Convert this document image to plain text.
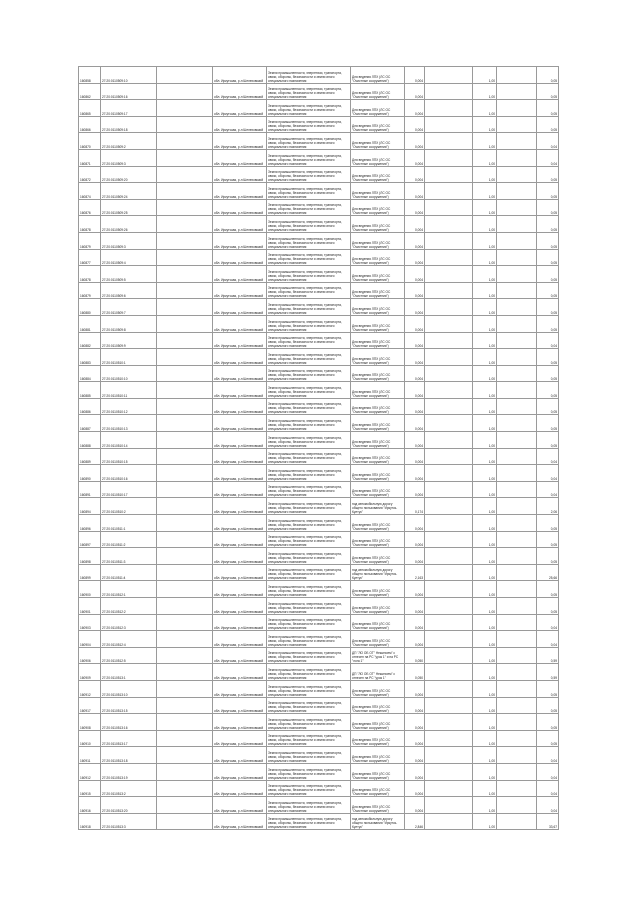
160858	27:20:0110509:10		обл. Иркутская, р-н Шелеховский	Земли промышленности, энергетики, транспорта, связи, обороны, безопасности и земли иного специального назначения	Для ведения ЛПХ (ЛС ОС "Очистные сооружения")	0,004		1,00		0,05
160862	27:20:0110509:16		обл. Иркутская, р-н Шелеховский	Земли промышленности, энергетики, транспорта, связи, обороны, безопасности и земли иного специального назначения	Для ведения ЛПХ (ЛС ОС "Очистные сооружения")	0,004		1,00		0,05
160865	27:20:0110509:17		обл. Иркутская, р-н Шелеховский	Земли промышленности, энергетики, транспорта, связи, обороны, безопасности и земли иного специального назначения	Для ведения ЛПХ (ЛС ОС "Очистные сооружения")	0,004		1,00		0,05
160866	27:20:0110509:18		обл. Иркутская, р-н Шелеховский	Земли промышленности, энергетики, транспорта, связи, обороны, безопасности и земли иного специального назначения	Для ведения ЛПХ (ЛС ОС "Очистные сооружения")	0,004		1,00		0,05
160870	27:20:0110509:2		обл. Иркутская, р-н Шелеховский	Земли промышленности, энергетики, транспорта, связи, обороны, безопасности и земли иного специального назначения	Для ведения ЛПХ (ЛС ОС "Очистные сооружения")	0,004		1,00		0,04
160871	27:20:0110509:3		обл. Иркутская, р-н Шелеховский	Земли промышленности, энергетики, транспорта, связи, обороны, безопасности и земли иного специального назначения	Для ведения ЛПХ (ЛС ОС "Очистные сооружения")	0,004		1,00		0,04
160872	27:20:0110509:20		обл. Иркутская, р-н Шелеховский	Земли промышленности, энергетики, транспорта, связи, обороны, безопасности и земли иного специального назначения	Для ведения ЛПХ (ЛС ОС "Очистные сооружения")	0,004		1,00		0,05
160874	27:20:0110509:24		обл. Иркутская, р-н Шелеховский	Земли промышленности, энергетики, транспорта, связи, обороны, безопасности и земли иного специального назначения	Для ведения ЛПХ (ЛС ОС "Очистные сооружения")	0,004		1,00		0,05
160876	27:20:0110509:25		обл. Иркутская, р-н Шелеховский	Земли промышленности, энергетики, транспорта, связи, обороны, безопасности и земли иного специального назначения	Для ведения ЛПХ (ЛС ОС "Очистные сооружения")	0,004		1,00		0,05
160878	27:20:0110509:26		обл. Иркутская, р-н Шелеховский	Земли промышленности, энергетики, транспорта, связи, обороны, безопасности и земли иного специального назначения	Для ведения ЛПХ (ЛС ОС "Очистные сооружения")	0,004		1,00		0,05
160879	27:20:0110509:3		обл. Иркутская, р-н Шелеховский	Земли промышленности, энергетики, транспорта, связи, обороны, безопасности и земли иного специального назначения	Для ведения ЛПХ (ЛС ОС "Очистные сооружения")	0,004		1,00		0,05
160877	27:20:0110509:4		обл. Иркутская, р-н Шелеховский	Земли промышленности, энергетики, транспорта, связи, обороны, безопасности и земли иного специального назначения	Для ведения ЛПХ (ЛС ОС "Очистные сооружения")	0,004		1,00		0,05
160878	27:20:0110509:5		обл. Иркутская, р-н Шелеховский	Земли промышленности, энергетики, транспорта, связи, обороны, безопасности и земли иного специального назначения	Для ведения ЛПХ (ЛС ОС "Очистные сооружения")	0,004		1,00		0,05
160879	27:20:0110509:6		обл. Иркутская, р-н Шелеховский	Земли промышленности, энергетики, транспорта, связи, обороны, безопасности и земли иного специального назначения	Для ведения ЛПХ (ЛС ОС "Очистные сооружения")	0,004		1,00		0,05
160880	27:20:0110509:7		обл. Иркутская, р-н Шелеховский	Земли промышленности, энергетики, транспорта, связи, обороны, безопасности и земли иного специального назначения	Для ведения ЛПХ (ЛС ОС "Очистные сооружения")	0,004		1,00		0,05
160881	27:20:0110509:8		обл. Иркутская, р-н Шелеховский	Земли промышленности, энергетики, транспорта, связи, обороны, безопасности и земли иного специального назначения	Для ведения ЛПХ (ЛС ОС "Очистные сооружения")	0,004		1,00		0,05
160882	27:20:0110509:9		обл. Иркутская, р-н Шелеховский	Земли промышленности, энергетики, транспорта, связи, обороны, безопасности и земли иного специального назначения	Для ведения ЛПХ (ЛС ОС "Очистные сооружения")	0,004		1,00		0,04
160883	27:20:0110510:1		обл. Иркутская, р-н Шелеховский	Земли промышленности, энергетики, транспорта, связи, обороны, безопасности и земли иного специального назначения	Для ведения ЛПХ (ЛС ОС "Очистные сооружения")	0,004		1,00		0,05
160884	27:20:0110510:10		обл. Иркутская, р-н Шелеховский	Земли промышленности, энергетики, транспорта, связи, обороны, безопасности и земли иного специального назначения	Для ведения ЛПХ (ЛС ОС "Очистные сооружения")	0,004		1,00		0,05
160885	27:20:0110510:11		обл. Иркутская, р-н Шелеховский	Земли промышленности, энергетики, транспорта, связи, обороны, безопасности и земли иного специального назначения	Для ведения ЛПХ (ЛС ОС "Очистные сооружения")	0,004		1,00		0,05
160886	27:20:0110510:12		обл. Иркутская, р-н Шелеховский	Земли промышленности, энергетики, транспорта, связи, обороны, безопасности и земли иного специального назначения	Для ведения ЛПХ (ЛС ОС "Очистные сооружения")	0,004		1,00		0,05
160887	27:20:0110510:13		обл. Иркутская, р-н Шелеховский	Земли промышленности, энергетики, транспорта, связи, обороны, безопасности и земли иного специального назначения	Для ведения ЛПХ (ЛС ОС "Очистные сооружения")	0,004		1,00		0,05
160888	27:20:0110510:14		обл. Иркутская, р-н Шелеховский	Земли промышленности, энергетики, транспорта, связи, обороны, безопасности и земли иного специального назначения	Для ведения ЛПХ (ЛС ОС "Очистные сооружения")	0,004		1,00		0,05
160889	27:20:0110510:15		обл. Иркутская, р-н Шелеховский	Земли промышленности, энергетики, транспорта, связи, обороны, безопасности и земли иного специального назначения	Для ведения ЛПХ (ЛС ОС "Очистные сооружения")	0,004		1,00		0,04
160890	27:20:0110510:16		обл. Иркутская, р-н Шелеховский	Земли промышленности, энергетики, транспорта, связи, обороны, безопасности и земли иного специального назначения	Для ведения ЛПХ (ЛС ОС "Очистные сооружения")	0,004		1,00		0,04
160891	27:20:0110510:17		обл. Иркутская, р-н Шелеховский	Земли промышленности, энергетики, транспорта, связи, обороны, безопасности и земли иного специального назначения	Для ведения ЛПХ (ЛС ОС "Очистные сооружения")	0,004		1,00		0,04
160894	27:20:0110510:2		обл. Иркутская, р-н Шелеховский	Земли промышленности, энергетики, транспорта, связи, обороны, безопасности и земли иного специального назначения	под автомобильную дорогу общего пользования "Иркутск-Култук"	0,174		1,00		2,06
160896	27:20:0110511:1		обл. Иркутская, р-н Шелеховский	Земли промышленности, энергетики, транспорта, связи, обороны, безопасности и земли иного специального назначения	Для ведения ЛПХ (ЛС ОС "Очистные сооружения")	0,004		1,00		0,05
160897	27:20:0110511:2		обл. Иркутская, р-н Шелеховский	Земли промышленности, энергетики, транспорта, связи, обороны, безопасности и земли иного специального назначения	Для ведения ЛПХ (ЛС ОС "Очистные сооружения")	0,004		1,00		0,05
160898	27:20:0110511:3		обл. Иркутская, р-н Шелеховский	Земли промышленности, энергетики, транспорта, связи, обороны, безопасности и земли иного специального назначения	Для ведения ЛПХ (ЛС ОС "Очистные сооружения")	0,004		1,00		0,05
160899	27:20:0110511:4		обл. Иркутская, р-н Шелеховский	Земли промышленности, энергетики, транспорта, связи, обороны, безопасности и земли иного специального назначения	под автомобильную дорогу общего пользования "Иркутск-Култук"	2,163		1,00		25,66
160900	27:20:0110512:1		обл. Иркутская, р-н Шелеховский	Земли промышленности, энергетики, транспорта, связи, обороны, безопасности и земли иного специального назначения	Для ведения ЛПХ (ЛС ОС "Очистные сооружения")	0,004		1,00		0,05
160901	27:20:0110512:2		обл. Иркутская, р-н Шелеховский	Земли промышленности, энергетики, транспорта, связи, обороны, безопасности и земли иного специального назначения	Для ведения ЛПХ (ЛС ОС "Очистные сооружения")	0,004		1,00		0,05
160903	27:20:0110512:3		обл. Иркутская, р-н Шелеховский	Земли промышленности, энергетики, транспорта, связи, обороны, безопасности и земли иного специального назначения	Для ведения ЛПХ (ЛС ОС "Очистные сооружения")	0,004		1,00		0,04
160904	27:20:0110512:4		обл. Иркутская, р-н Шелеховский	Земли промышленности, энергетики, транспорта, связи, обороны, безопасности и земли иного специального назначения	Для ведения ЛПХ (ЛС ОС "Очистные сооружения")	0,004		1,00		0,04
160906	27:20:0110512:5		обл. Иркутская, р-н Шелеховский	Земли промышленности, энергетики, транспорта, связи, обороны, безопасности и земли иного специального назначения	ДП "ЛО ОБ ОТ" Нежилоем" с отнесен на РС "урок 1" и на РС "лога 1"	0,050		1,00		0,59
160909	27:20:0110513:1		обл. Иркутская, р-н Шелеховский	Земли промышленности, энергетики, транспорта, связи, обороны, безопасности и земли иного специального назначения	ДП "ЛО ОБ ОТ" Нежилоем" с отнесен на РС "урок 1"	0,050		1,00		0,59
160912	27:20:0110513:10		обл. Иркутская, р-н Шелеховский	Земли промышленности, энергетики, транспорта, связи, обороны, безопасности и земли иного специального назначения	Для ведения ЛПХ (ЛС ОС "Очистные сооружения")	0,004		1,00		0,05
160917	27:20:0110513:15		обл. Иркутская, р-н Шелеховский	Земли промышленности, энергетики, транспорта, связи, обороны, безопасности и земли иного специального назначения	Для ведения ЛПХ (ЛС ОС "Очистные сооружения")	0,004		1,00		0,05
160908	27:20:0110513:16		обл. Иркутская, р-н Шелеховский	Земли промышленности, энергетики, транспорта, связи, обороны, безопасности и земли иного специального назначения	Для ведения ЛПХ (ЛС ОС "Очистные сооружения")	0,004		1,00		0,05
160910	27:20:0110513:17		обл. Иркутская, р-н Шелеховский	Земли промышленности, энергетики, транспорта, связи, обороны, безопасности и земли иного специального назначения	Для ведения ЛПХ (ЛС ОС "Очистные сооружения")	0,004		1,00		0,05
160911	27:20:0110513:18		обл. Иркутская, р-н Шелеховский	Земли промышленности, энергетики, транспорта, связи, обороны, безопасности и земли иного специального назначения	Для ведения ЛПХ (ЛС ОС "Очистные сооружения")	0,004		1,00		0,04
160912	27:20:0110513:19		обл. Иркутская, р-н Шелеховский	Земли промышленности, энергетики, транспорта, связи, обороны, безопасности и земли иного специального назначения	Для ведения ЛПХ (ЛС ОС "Очистные сооружения")	0,004		1,00		0,04
160915	27:20:0110513:2		обл. Иркутская, р-н Шелеховский	Земли промышленности, энергетики, транспорта, связи, обороны, безопасности и земли иного специального назначения	Для ведения ЛПХ (ЛС ОС "Очистные сооружения")	0,004		1,00		0,04
160916	27:20:0110513:20		обл. Иркутская, р-н Шелеховский	Земли промышленности, энергетики, транспорта, связи, обороны, безопасности и земли иного специального назначения	Для ведения ЛПХ (ЛС ОС "Очистные сооружения")	0,004		1,00		0,04
160918	27:20:0110513:3		обл. Иркутская, р-н Шелеховский	Земли промышленности, энергетики, транспорта, связи, обороны, безопасности и земли иного специального назначения	под автомобильную дорогу общего пользования "Иркутск-Култук"	2,846		1,00		33,67
